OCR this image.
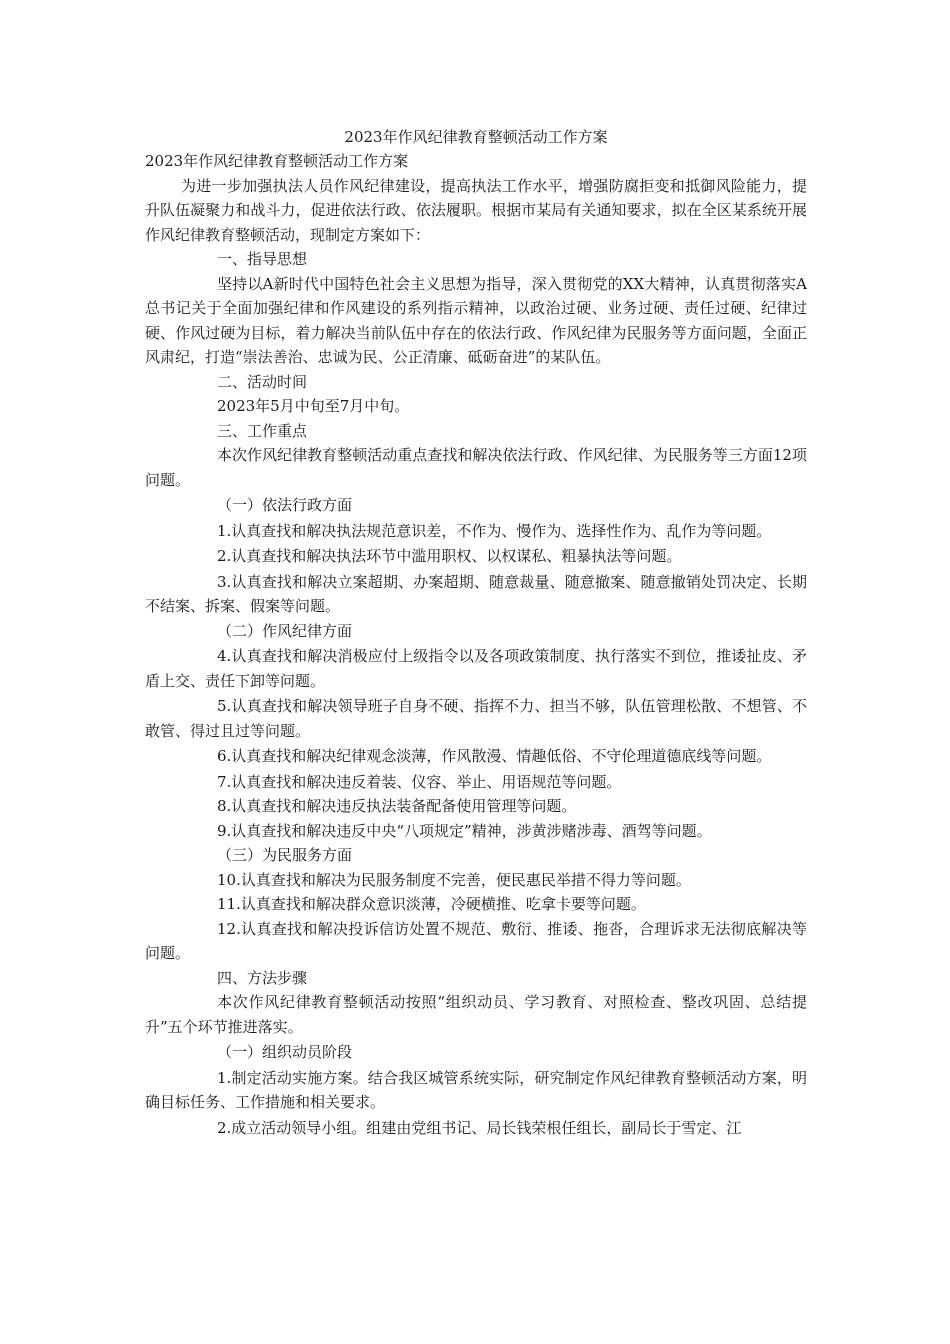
2023年作风纪律教育整顿活动工作方案

2023年作风纪律教育整顿活动工作方案

为进一步加强执法人员作风纪律建设，提高执法工作水平，增强防腐拒变和抵御风险能力，提升队伍凝聚力和战斗力，促进依法行政、依法履职。根据市某局有关通知要求，拟在全区某系统开展作风纪律教育整顿活动，现制定方案如下：

一、指导思想

坚持以A新时代中国特色社会主义思想为指导，深入贯彻党的XX大精神，认真贯彻落实A总书记关于全面加强纪律和作风建设的系列指示精神，以政治过硬、业务过硬、责任过硬、纪律过硬、作风过硬为目标，着力解决当前队伍中存在的依法行政、作风纪律为民服务等方面问题，全面正风肃纪，打造“崇法善治、忠诚为民、公正清廉、砥砺奋进”的某队伍。

二、活动时间

2023年5月中旬至7月中旬。

三、工作重点

本次作风纪律教育整顿活动重点查找和解决依法行政、作风纪律、为民服务等三方面12项问题。

（一）依法行政方面

1.认真查找和解决执法规范意识差，不作为、慢作为、选择性作为、乱作为等问题。

2.认真查找和解决执法环节中滥用职权、以权谋私、粗暴执法等问题。

3.认真查找和解决立案超期、办案超期、随意裁量、随意撤案、随意撤销处罚决定、长期不结案、拆案、假案等问题。

（二）作风纪律方面

4.认真查找和解决消极应付上级指令以及各项政策制度、执行落实不到位，推诿扯皮、矛盾上交、责任下卸等问题。

5.认真查找和解决领导班子自身不硬、指挥不力、担当不够，队伍管理松散、不想管、不敢管、得过且过等问题。

6.认真查找和解决纪律观念淡薄，作风散漫、情趣低俗、不守伦理道德底线等问题。

7.认真查找和解决违反着装、仪容、举止、用语规范等问题。

8.认真查找和解决违反执法装备配备使用管理等问题。

9.认真查找和解决违反中央“八项规定”精神，涉黄涉赌涉毒、酒驾等问题。

（三）为民服务方面

10.认真查找和解决为民服务制度不完善，便民惠民举措不得力等问题。

11.认真查找和解决群众意识淡薄，冷硬横推、吃拿卡要等问题。

12.认真查找和解决投诉信访处置不规范、敷衍、推诿、拖沓，合理诉求无法彻底解决等问题。

四、方法步骤

本次作风纪律教育整顿活动按照“组织动员、学习教育、对照检查、整改巩固、总结提升”五个环节推进落实。

（一）组织动员阶段

1.制定活动实施方案。结合我区城管系统实际，研究制定作风纪律教育整顿活动方案，明确目标任务、工作措施和相关要求。

2.成立活动领导小组。组建由党组书记、局长钱荣根任组长，副局长于雪定、江
